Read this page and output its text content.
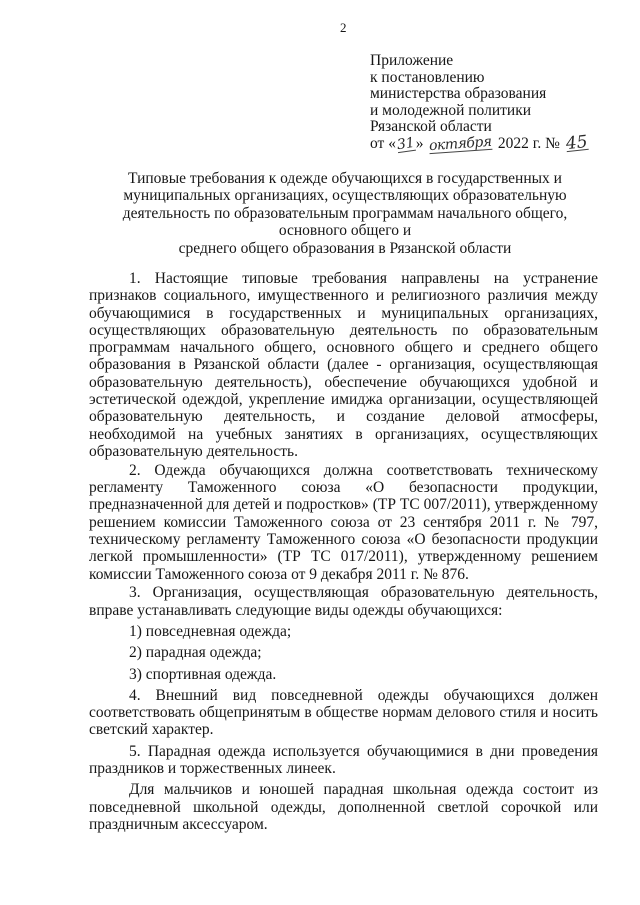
2
Приложение
к постановлению
министерства образования
и молодежной политики
Рязанской области
от «31» октября 2022 г. № 45
Типовые требования к одежде обучающихся в государственных и
муниципальных организациях, осуществляющих образовательную
деятельность по образовательным программам начального общего,
основного общего и
среднего общего образования в Рязанской области

1. Настоящие типовые требования направлены на устранение признаков социального, имущественного и религиозного различия между обучающимися в государственных и муниципальных организациях, осуществляющих образовательную деятельность по образовательным программам начального общего, основного общего и среднего общего образования в Рязанской области (далее - организация, осуществляющая образовательную деятельность), обеспечение обучающихся удобной и эстетической одеждой, укрепление имиджа организации, осуществляющей образовательную деятельность, и создание деловой атмосферы, необходимой на учебных занятиях в организациях, осуществляющих образовательную деятельность.

2. Одежда обучающихся должна соответствовать техническому регламенту Таможенного союза «О безопасности продукции, предназначенной для детей и подростков» (ТР ТС 007/2011), утвержденному решением комиссии Таможенного союза от 23 сентября 2011 г. № 797, техническому регламенту Таможенного союза «О безопасности продукции легкой промышленности» (ТР ТС 017/2011), утвержденному решением комиссии Таможенного союза от 9 декабря 2011 г. № 876.

3. Организация, осуществляющая образовательную деятельность, вправе устанавливать следующие виды одежды обучающихся:

1) повседневная одежда;
2) парадная одежда;
3) спортивная одежда.

4. Внешний вид повседневной одежды обучающихся должен соответствовать общепринятым в обществе нормам делового стиля и носить светский характер.

5. Парадная одежда используется обучающимися в дни проведения праздников и торжественных линеек.

Для мальчиков и юношей парадная школьная одежда состоит из повседневной школьной одежды, дополненной светлой сорочкой или праздничным аксессуаром.
